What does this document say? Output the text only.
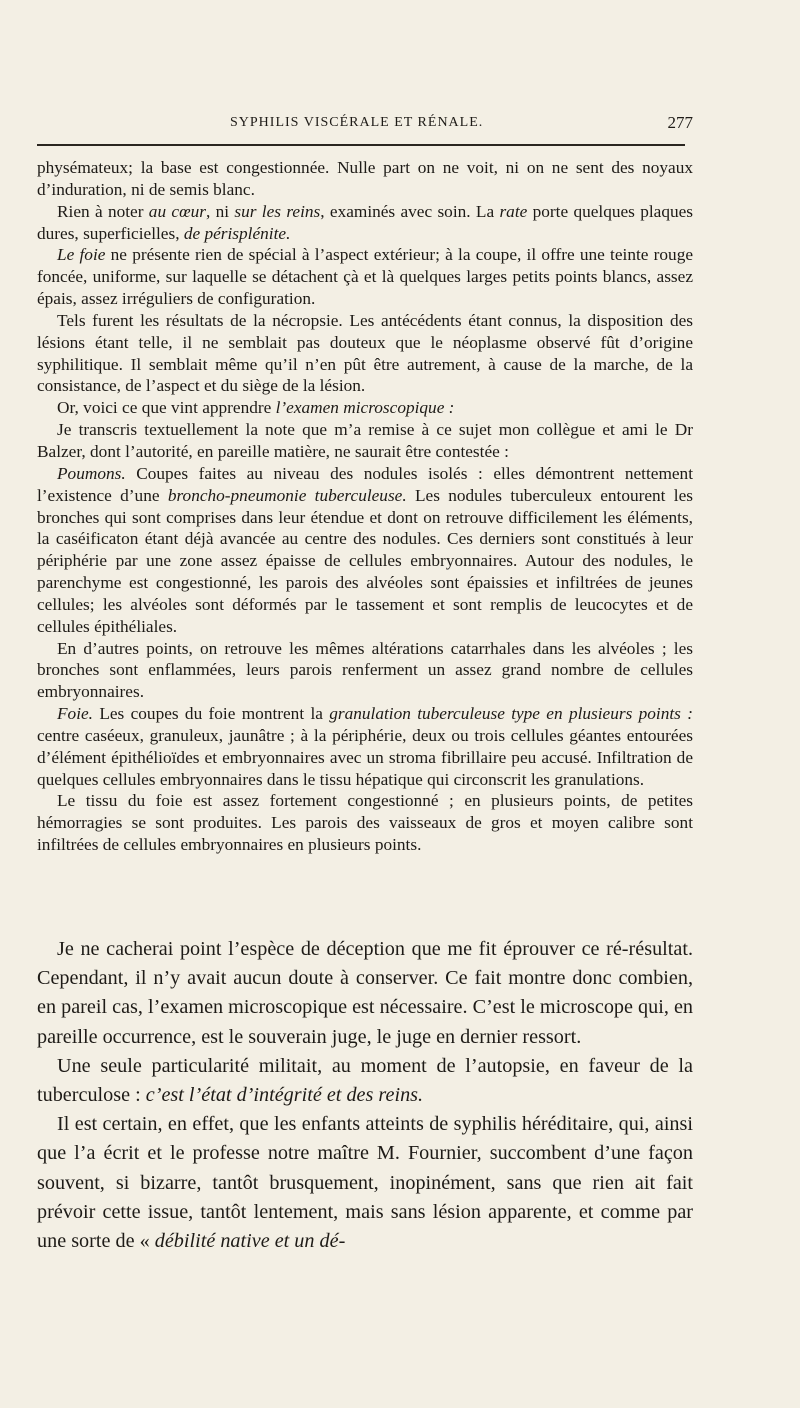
SYPHILIS VISCÉRALE ET RÉNALE.	277

physémateux; la base est congestionnée. Nulle part on ne voit, ni on ne sent des noyaux d’induration, ni de semis blanc.

Rien à noter au cœur, ni sur les reins, examinés avec soin. La rate porte quelques plaques dures, superficielles, de périsplénite.

Le foie ne présente rien de spécial à l’aspect extérieur; à la coupe, il offre une teinte rouge foncée, uniforme, sur laquelle se détachent çà et là quelques larges petits points blancs, assez épais, assez irréguliers de configuration.

Tels furent les résultats de la nécropsie. Les antécédents étant connus, la disposition des lésions étant telle, il ne semblait pas douteux que le néoplasme observé fût d’origine syphilitique. Il semblait même qu’il n’en pût être autrement, à cause de la marche, de la consistance, de l’aspect et du siège de la lésion.

Or, voici ce que vint apprendre l’examen microscopique :

Je transcris textuellement la note que m’a remise à ce sujet mon collègue et ami le Dr Balzer, dont l’autorité, en pareille matière, ne saurait être contestée :

Poumons. Coupes faites au niveau des nodules isolés : elles démontrent nettement l’existence d’une broncho-pneumonie tuberculeuse. Les nodules tuberculeux entourent les bronches qui sont comprises dans leur étendue et dont on retrouve difficilement les éléments, la caséificaton étant déjà avancée au centre des nodules. Ces derniers sont constitués à leur périphérie par une zone assez épaisse de cellules embryonnaires. Autour des nodules, le parenchyme est congestionné, les parois des alvéoles sont épaissies et infiltrées de jeunes cellules; les alvéoles sont déformés par le tassement et sont remplis de leucocytes et de cellules épithéliales.

En d’autres points, on retrouve les mêmes altérations catarrhales dans les alvéoles ; les bronches sont enflammées, leurs parois renferment un assez grand nombre de cellules embryonnaires.

Foie. Les coupes du foie montrent la granulation tuberculeuse type en plusieurs points : centre caséeux, granuleux, jaunâtre ; à la périphérie, deux ou trois cellules géantes entourées d’élément épithélioïdes et embryonnaires avec un stroma fibrillaire peu accusé. Infiltration de quelques cellules embryonnaires dans le tissu hépatique qui circonscrit les granulations.

Le tissu du foie est assez fortement congestionné ; en plusieurs points, de petites hémorragies se sont produites. Les parois des vaisseaux de gros et moyen calibre sont infiltrées de cellules embryonnaires en plusieurs points.

Je ne cacherai point l’espèce de déception que me fit éprouver ce ré-résultat. Cependant, il n’y avait aucun doute à conserver. Ce fait montre donc combien, en pareil cas, l’examen microscopique est nécessaire. C’est le microscope qui, en pareille occurrence, est le souverain juge, le juge en dernier ressort.

Une seule particularité militait, au moment de l’autopsie, en faveur de la tuberculose : c’est l’état d’intégrité et des reins.

Il est certain, en effet, que les enfants atteints de syphilis héréditaire, qui, ainsi que l’a écrit et le professe notre maître M. Fournier, succombent d’une façon souvent, si bizarre, tantôt brusquement, inopinément, sans que rien ait fait prévoir cette issue, tantôt lentement, mais sans lésion apparente, et comme par une sorte de « débilité native et un dé-
